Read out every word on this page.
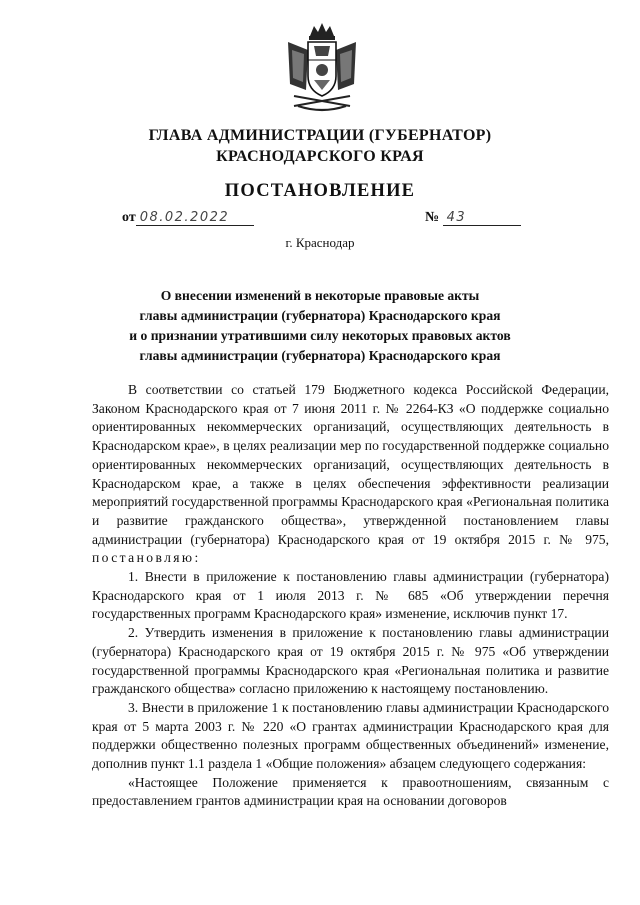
ГЛАВА АДМИНИСТРАЦИИ (ГУБЕРНАТОР)
КРАСНОДАРСКОГО КРАЯ
ПОСТАНОВЛЕНИЕ
от 08.02.2022	№ 43
г. Краснодар
О внесении изменений в некоторые правовые акты
главы администрации (губернатора) Краснодарского края
и о признании утратившими силу некоторых правовых актов
главы администрации (губернатора) Краснодарского края

В соответствии со статьей 179 Бюджетного кодекса Российской Федерации, Законом Краснодарского края от 7 июня 2011 г. № 2264-КЗ «О поддержке социально ориентированных некоммерческих организаций, осуществляющих деятельность в Краснодарском крае», в целях реализации мер по государственной поддержке социально ориентированных некоммерческих организаций, осуществляющих деятельность в Краснодарском крае, а также в целях обеспечения эффективности реализации мероприятий государственной программы Краснодарского края «Региональная политика и развитие гражданского общества», утвержденной постановлением главы администрации (губернатора) Краснодарского края от 19 октября 2015 г. № 975, постановляю:

1. Внести в приложение к постановлению главы администрации (губернатора) Краснодарского края от 1 июля 2013 г. № 685 «Об утверждении перечня государственных программ Краснодарского края» изменение, исключив пункт 17.

2. Утвердить изменения в приложение к постановлению главы администрации (губернатора) Краснодарского края от 19 октября 2015 г. № 975 «Об утверждении государственной программы Краснодарского края «Региональная политика и развитие гражданского общества» согласно приложению к настоящему постановлению.

3. Внести в приложение 1 к постановлению главы администрации Краснодарского края от 5 марта 2003 г. № 220 «О грантах администрации Краснодарского края для поддержки общественно полезных программ общественных объединений» изменение, дополнив пункт 1.1 раздела 1 «Общие положения» абзацем следующего содержания:

«Настоящее Положение применяется к правоотношениям, связанным с предоставлением грантов администрации края на основании договоров
